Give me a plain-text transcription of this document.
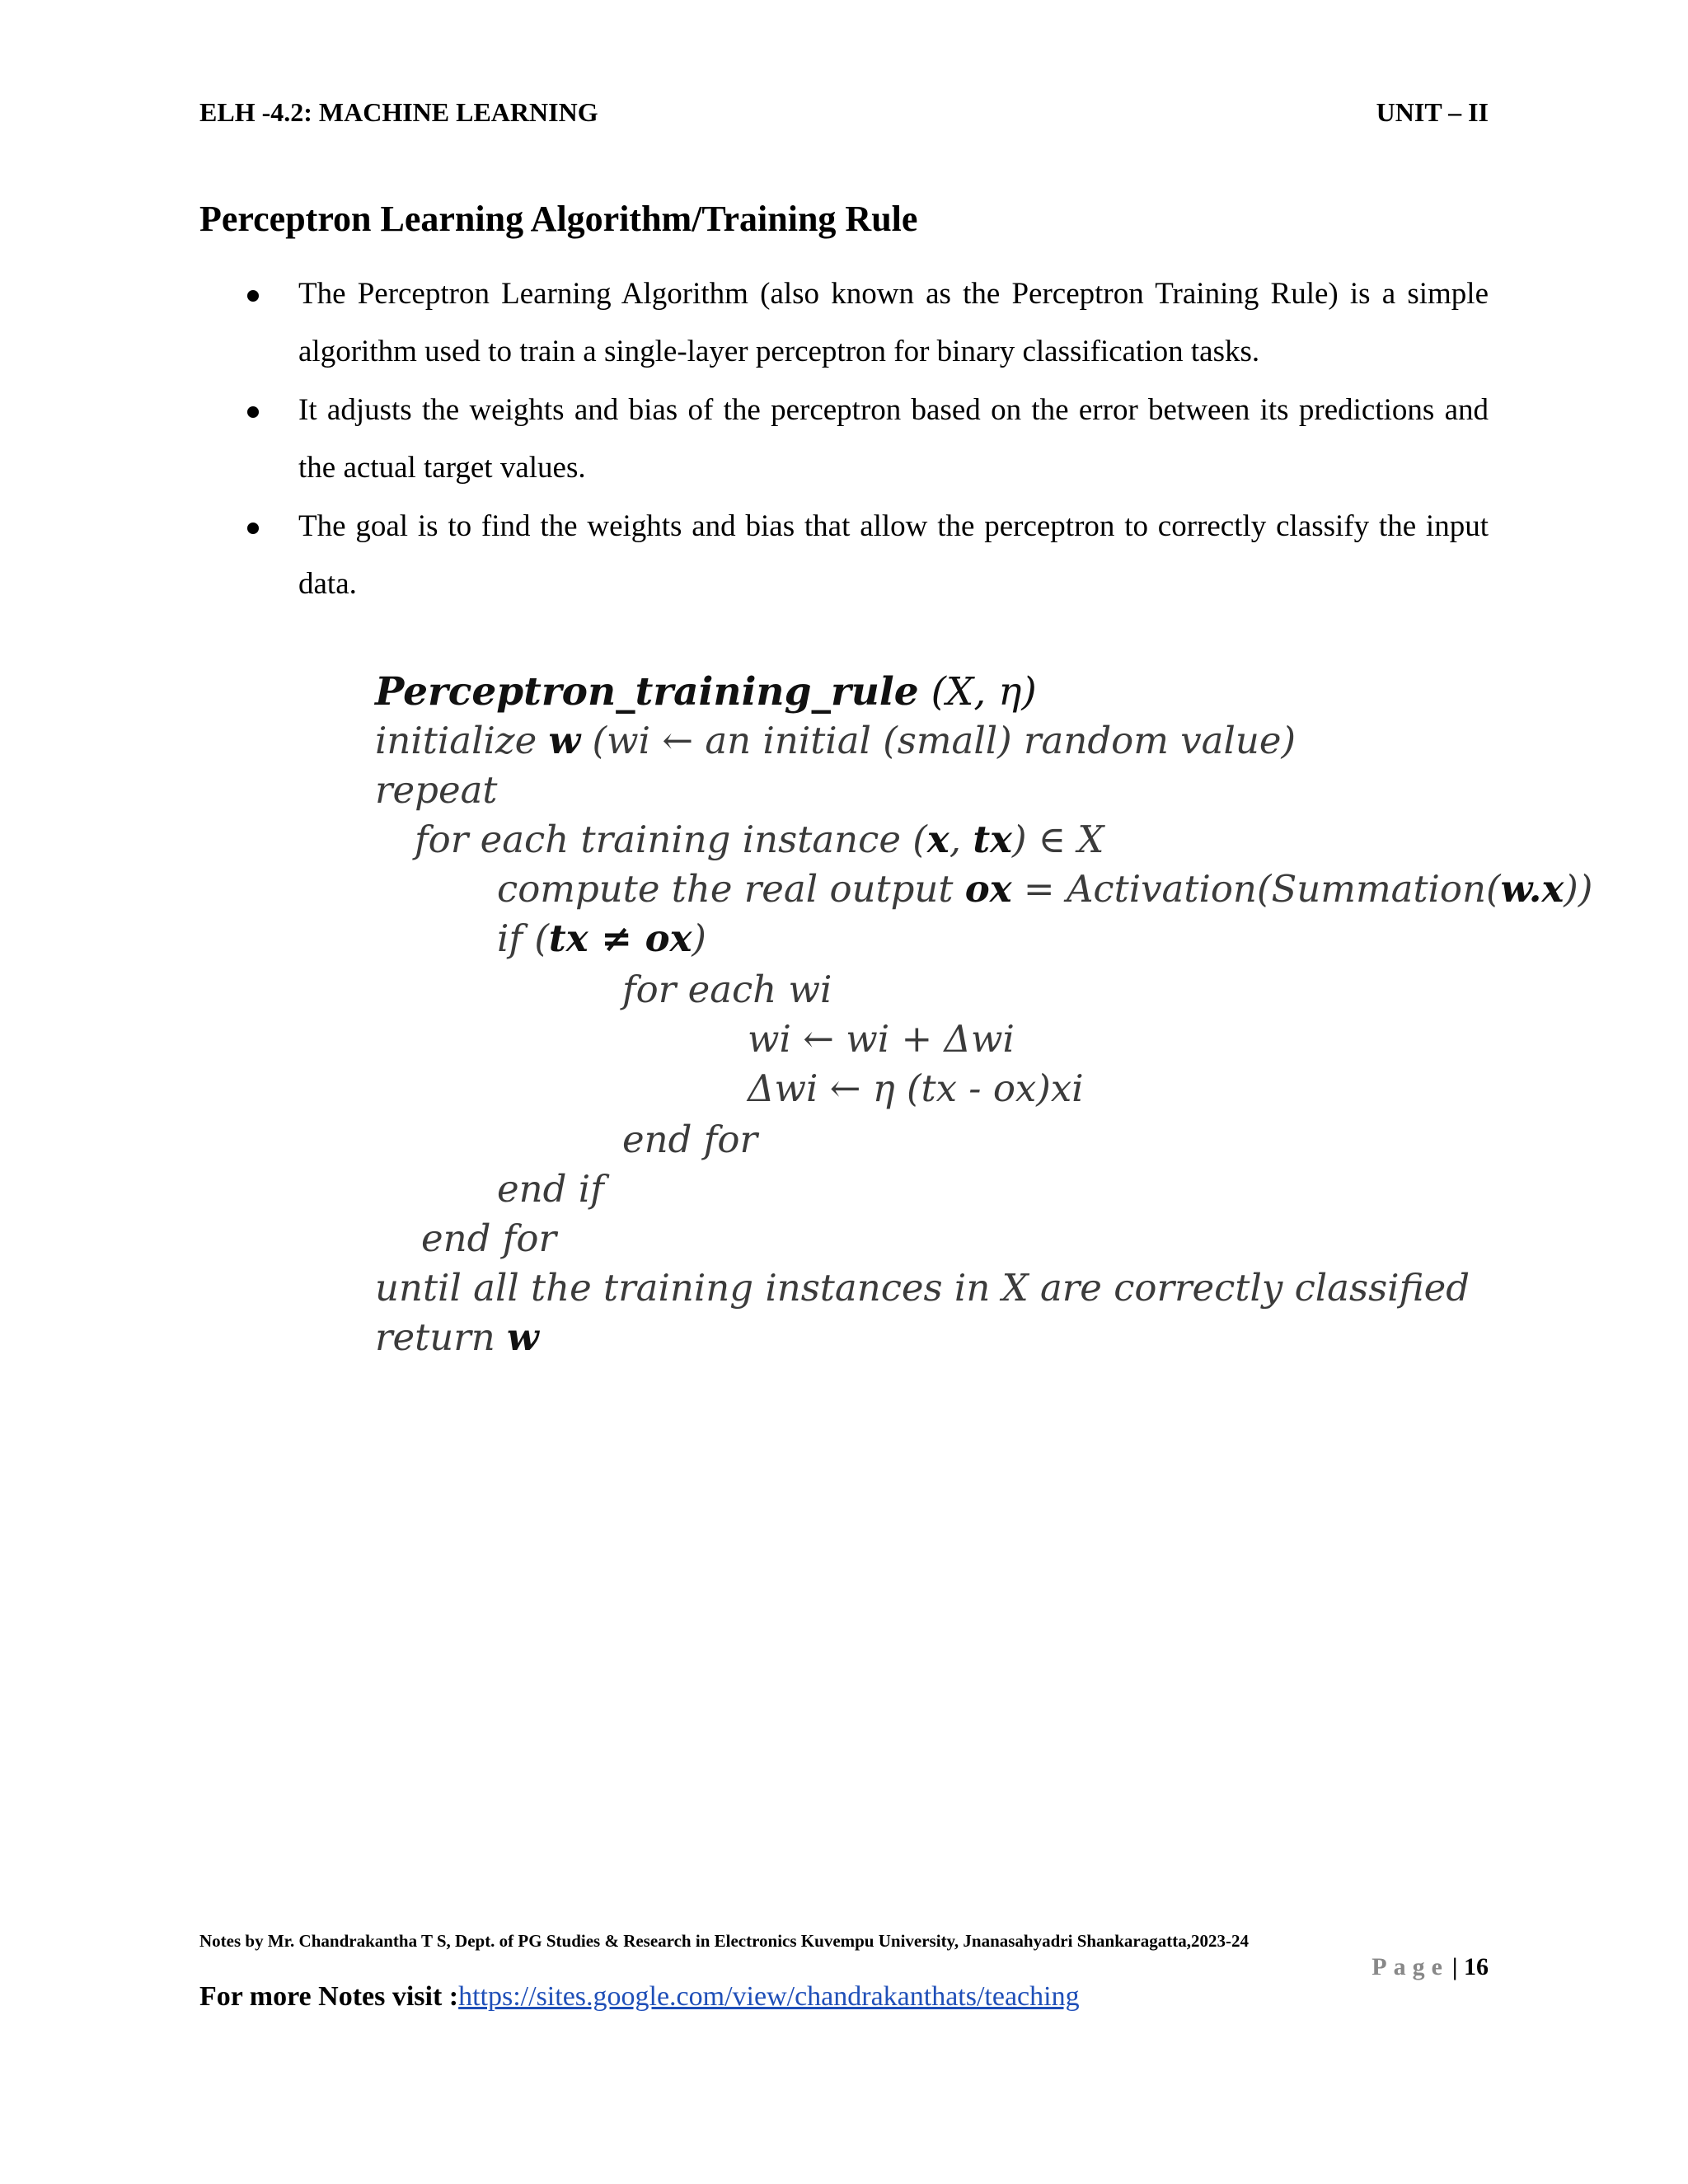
ELH -4.2: MACHINE LEARNING	UNIT – II
Perceptron Learning Algorithm/Training Rule
The Perceptron Learning Algorithm (also known as the Perceptron Training Rule) is a simple algorithm used to train a single-layer perceptron for binary classification tasks.
It adjusts the weights and bias of the perceptron based on the error between its predictions and the actual target values.
The goal is to find the weights and bias that allow the perceptron to correctly classify the input data.
Perceptron_training_rule (X, η)
initialize w (wi ← an initial (small) random value)
repeat
for each training instance (x, tx) ∈ X
compute the real output ox = Activation(Summation(w.x))
if (tx ≠ ox)
for each wi
wi ← wi + Δwi
Δwi ← η (tx - ox)xi
end for
end if
end for
until all the training instances in X are correctly classified
return w
Notes by Mr. Chandrakantha T S, Dept. of PG Studies & Research in Electronics Kuvempu University, Jnanasahyadri Shankaragatta,2023-24
Page | 16
For more Notes visit :https://sites.google.com/view/chandrakanthats/teaching
